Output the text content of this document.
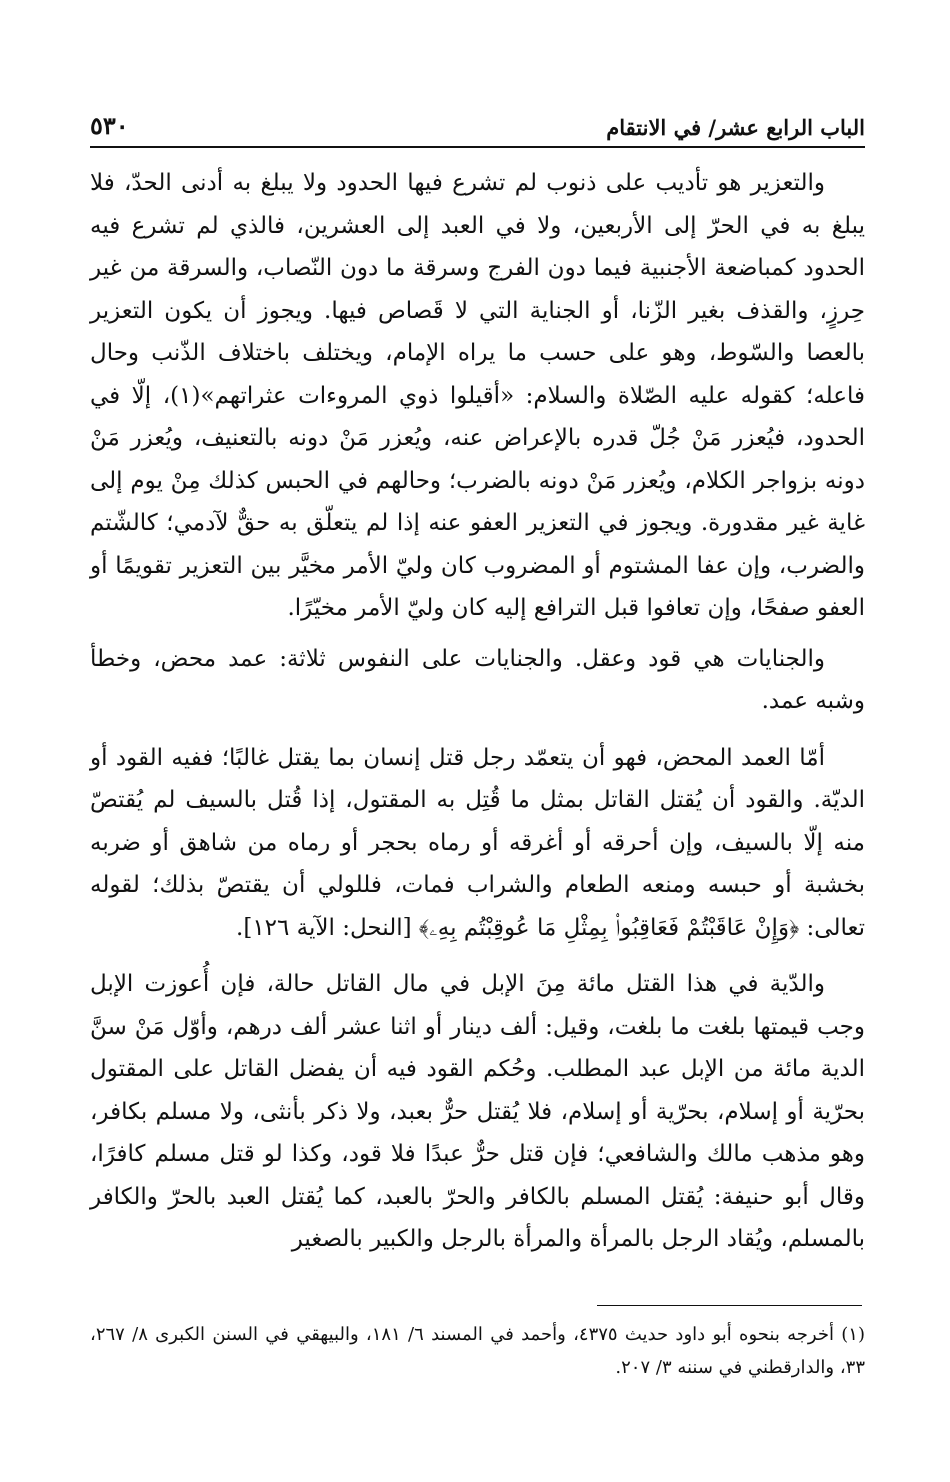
الباب الرابع عشر/ في الانتقام
٥٣٠

والتعزير هو تأديب على ذنوب لم تشرع فيها الحدود ولا يبلغ به أدنى الحدّ، فلا يبلغ به في الحرّ إلى الأربعين، ولا في العبد إلى العشرين، فالذي لم تشرع فيه الحدود كمباضعة الأجنبية فيما دون الفرج وسرقة ما دون النّصاب، والسرقة من غير حِرزٍ، والقذف بغير الزّنا، أو الجناية التي لا قَصاص فيها. ويجوز أن يكون التعزير بالعصا والسّوط، وهو على حسب ما يراه الإمام، ويختلف باختلاف الذّنب وحال فاعله؛ كقوله عليه الصّلاة والسلام: «أقيلوا ذوي المروءات عثراتهم»(١)، إلّا في الحدود، فيُعزر مَنْ جُلّ قدره بالإعراض عنه، ويُعزر مَنْ دونه بالتعنيف، ويُعزر مَنْ دونه بزواجر الكلام، ويُعزر مَنْ دونه بالضرب؛ وحالهم في الحبس كذلك مِنْ يوم إلى غاية غير مقدورة. ويجوز في التعزير العفو عنه إذا لم يتعلّق به حقٌّ لآدمي؛ كالشّتم والضرب، وإن عفا المشتوم أو المضروب كان وليّ الأمر مخيَّر بين التعزير تقويمًا أو العفو صفحًا، وإن تعافوا قبل الترافع إليه كان وليّ الأمر مخيّرًا.

والجنايات هي قود وعقل. والجنايات على النفوس ثلاثة: عمد محض، وخطأ وشبه عمد.

أمّا العمد المحض، فهو أن يتعمّد رجل قتل إنسان بما يقتل غالبًا؛ ففيه القود أو الديّة. والقود أن يُقتل القاتل بمثل ما قُتِل به المقتول، إذا قُتل بالسيف لم يُقتصّ منه إلّا بالسيف، وإن أحرقه أو أغرقه أو رماه بحجر أو رماه من شاهق أو ضربه بخشبة أو حبسه ومنعه الطعام والشراب فمات، فللولي أن يقتصّ بذلك؛ لقوله تعالى: ﴿وَإِنْ عَاقَبْتُمْ فَعَاقِبُوا۟ بِمِثْلِ مَا عُوقِبْتُم بِهِۦ﴾ [النحل: الآية ١٢٦].

والدّية في هذا القتل مائة مِنَ الإبل في مال القاتل حالة، فإن أُعوزت الإبل وجب قيمتها بلغت ما بلغت، وقيل: ألف دينار أو اثنا عشر ألف درهم، وأوّل مَنْ سنَّ الدية مائة من الإبل عبد المطلب. وحُكم القود فيه أن يفضل القاتل على المقتول بحرّية أو إسلام، بحرّية أو إسلام، فلا يُقتل حرٌّ بعبد، ولا ذكر بأنثى، ولا مسلم بكافر، وهو مذهب مالك والشافعي؛ فإن قتل حرٌّ عبدًا فلا قود، وكذا لو قتل مسلم كافرًا، وقال أبو حنيفة: يُقتل المسلم بالكافر والحرّ بالعبد، كما يُقتل العبد بالحرّ والكافر بالمسلم، ويُقاد الرجل بالمرأة والمرأة بالرجل والكبير بالصغير

(١) أخرجه بنحوه أبو داود حديث ٤٣٧٥، وأحمد في المسند ٦/ ١٨١، والبيهقي في السنن الكبرى ٨/ ٢٦٧، ٣٣، والدارقطني في سننه ٣/ ٢٠٧.
